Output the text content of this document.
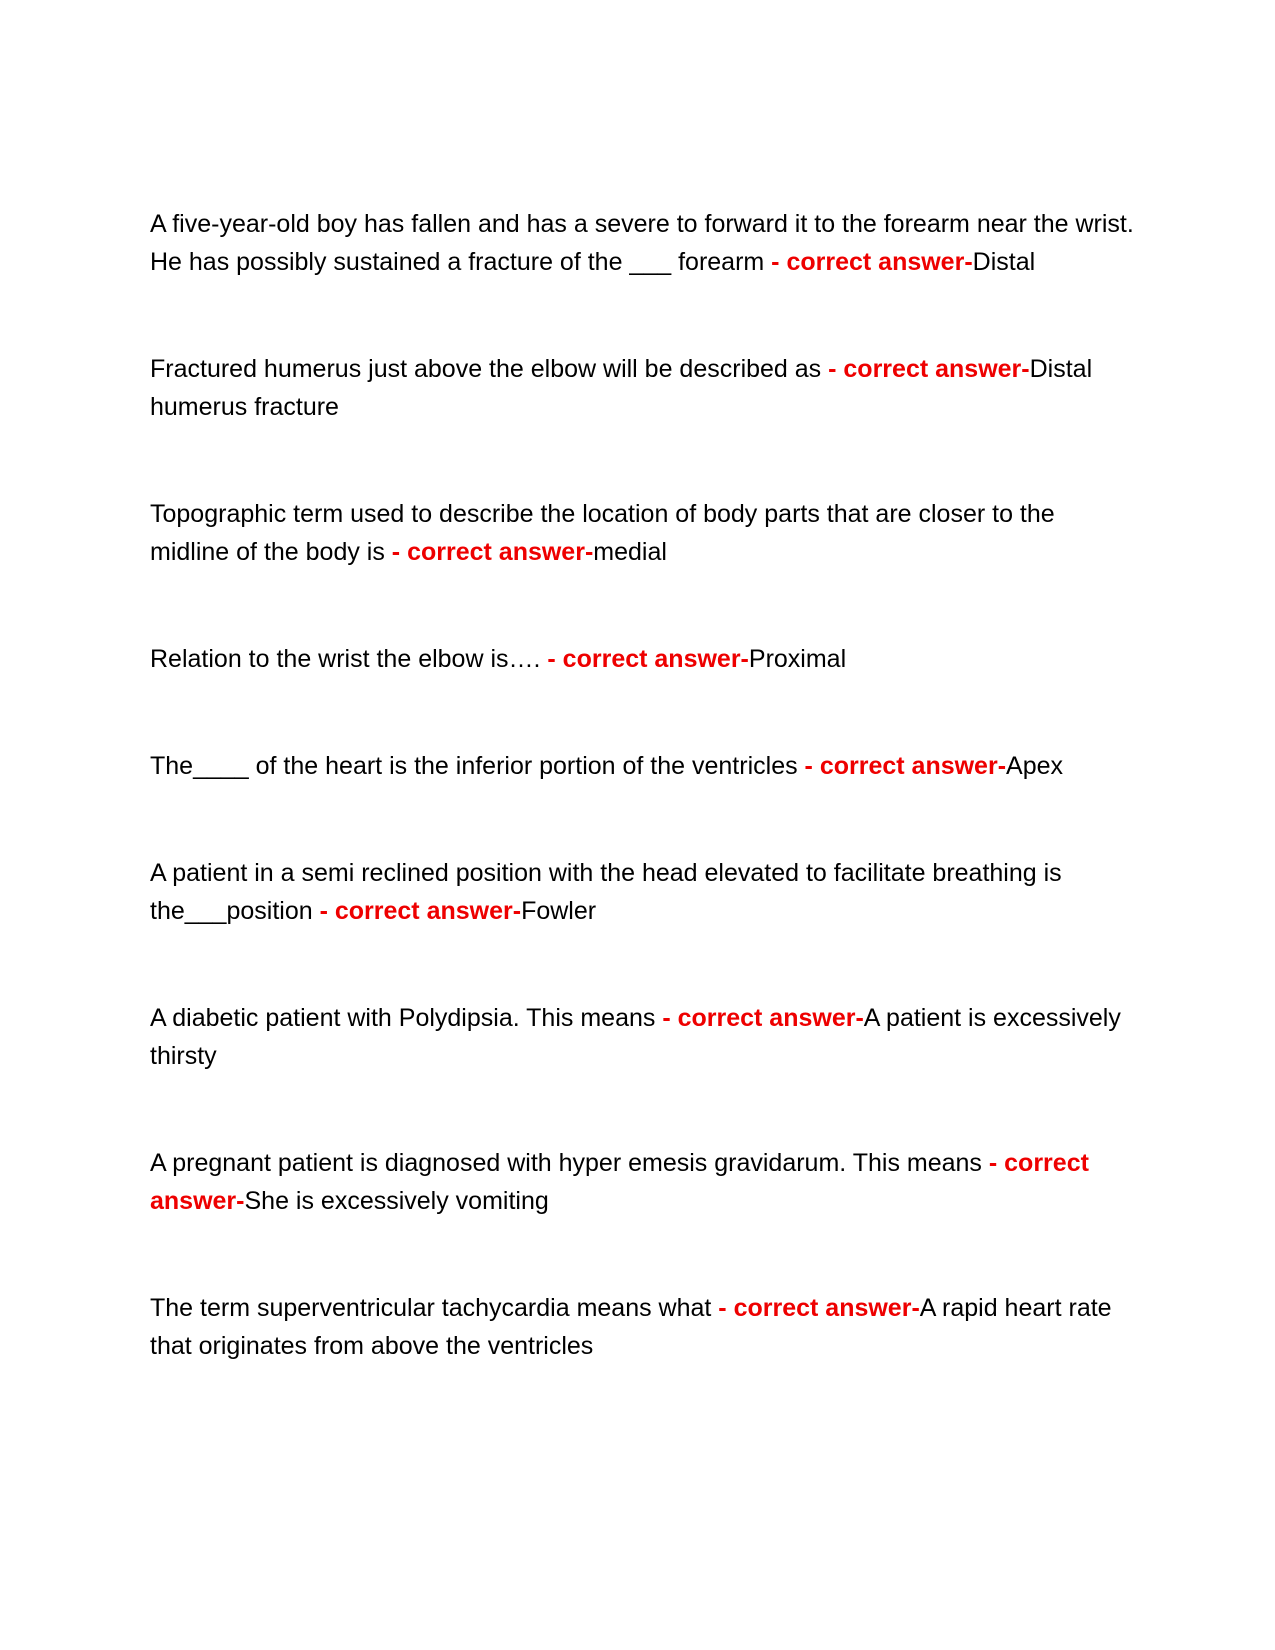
A five-year-old boy has fallen and has a severe to forward it to the forearm near the wrist. He has possibly sustained a fracture of the ___ forearm - correct answer-Distal

Fractured humerus just above the elbow will be described as - correct answer-Distal humerus fracture

Topographic term used to describe the location of body parts that are closer to the midline of the body is - correct answer-medial

Relation to the wrist the elbow is…. - correct answer-Proximal

The____ of the heart is the inferior portion of the ventricles - correct answer-Apex

A patient in a semi reclined position with the head elevated to facilitate breathing is the___position - correct answer-Fowler

A diabetic patient with Polydipsia. This means - correct answer-A patient is excessively thirsty

A pregnant patient is diagnosed with hyper emesis gravidarum. This means - correct answer-She is excessively vomiting

The term superventricular tachycardia means what - correct answer-A rapid heart rate that originates from above the ventricles
